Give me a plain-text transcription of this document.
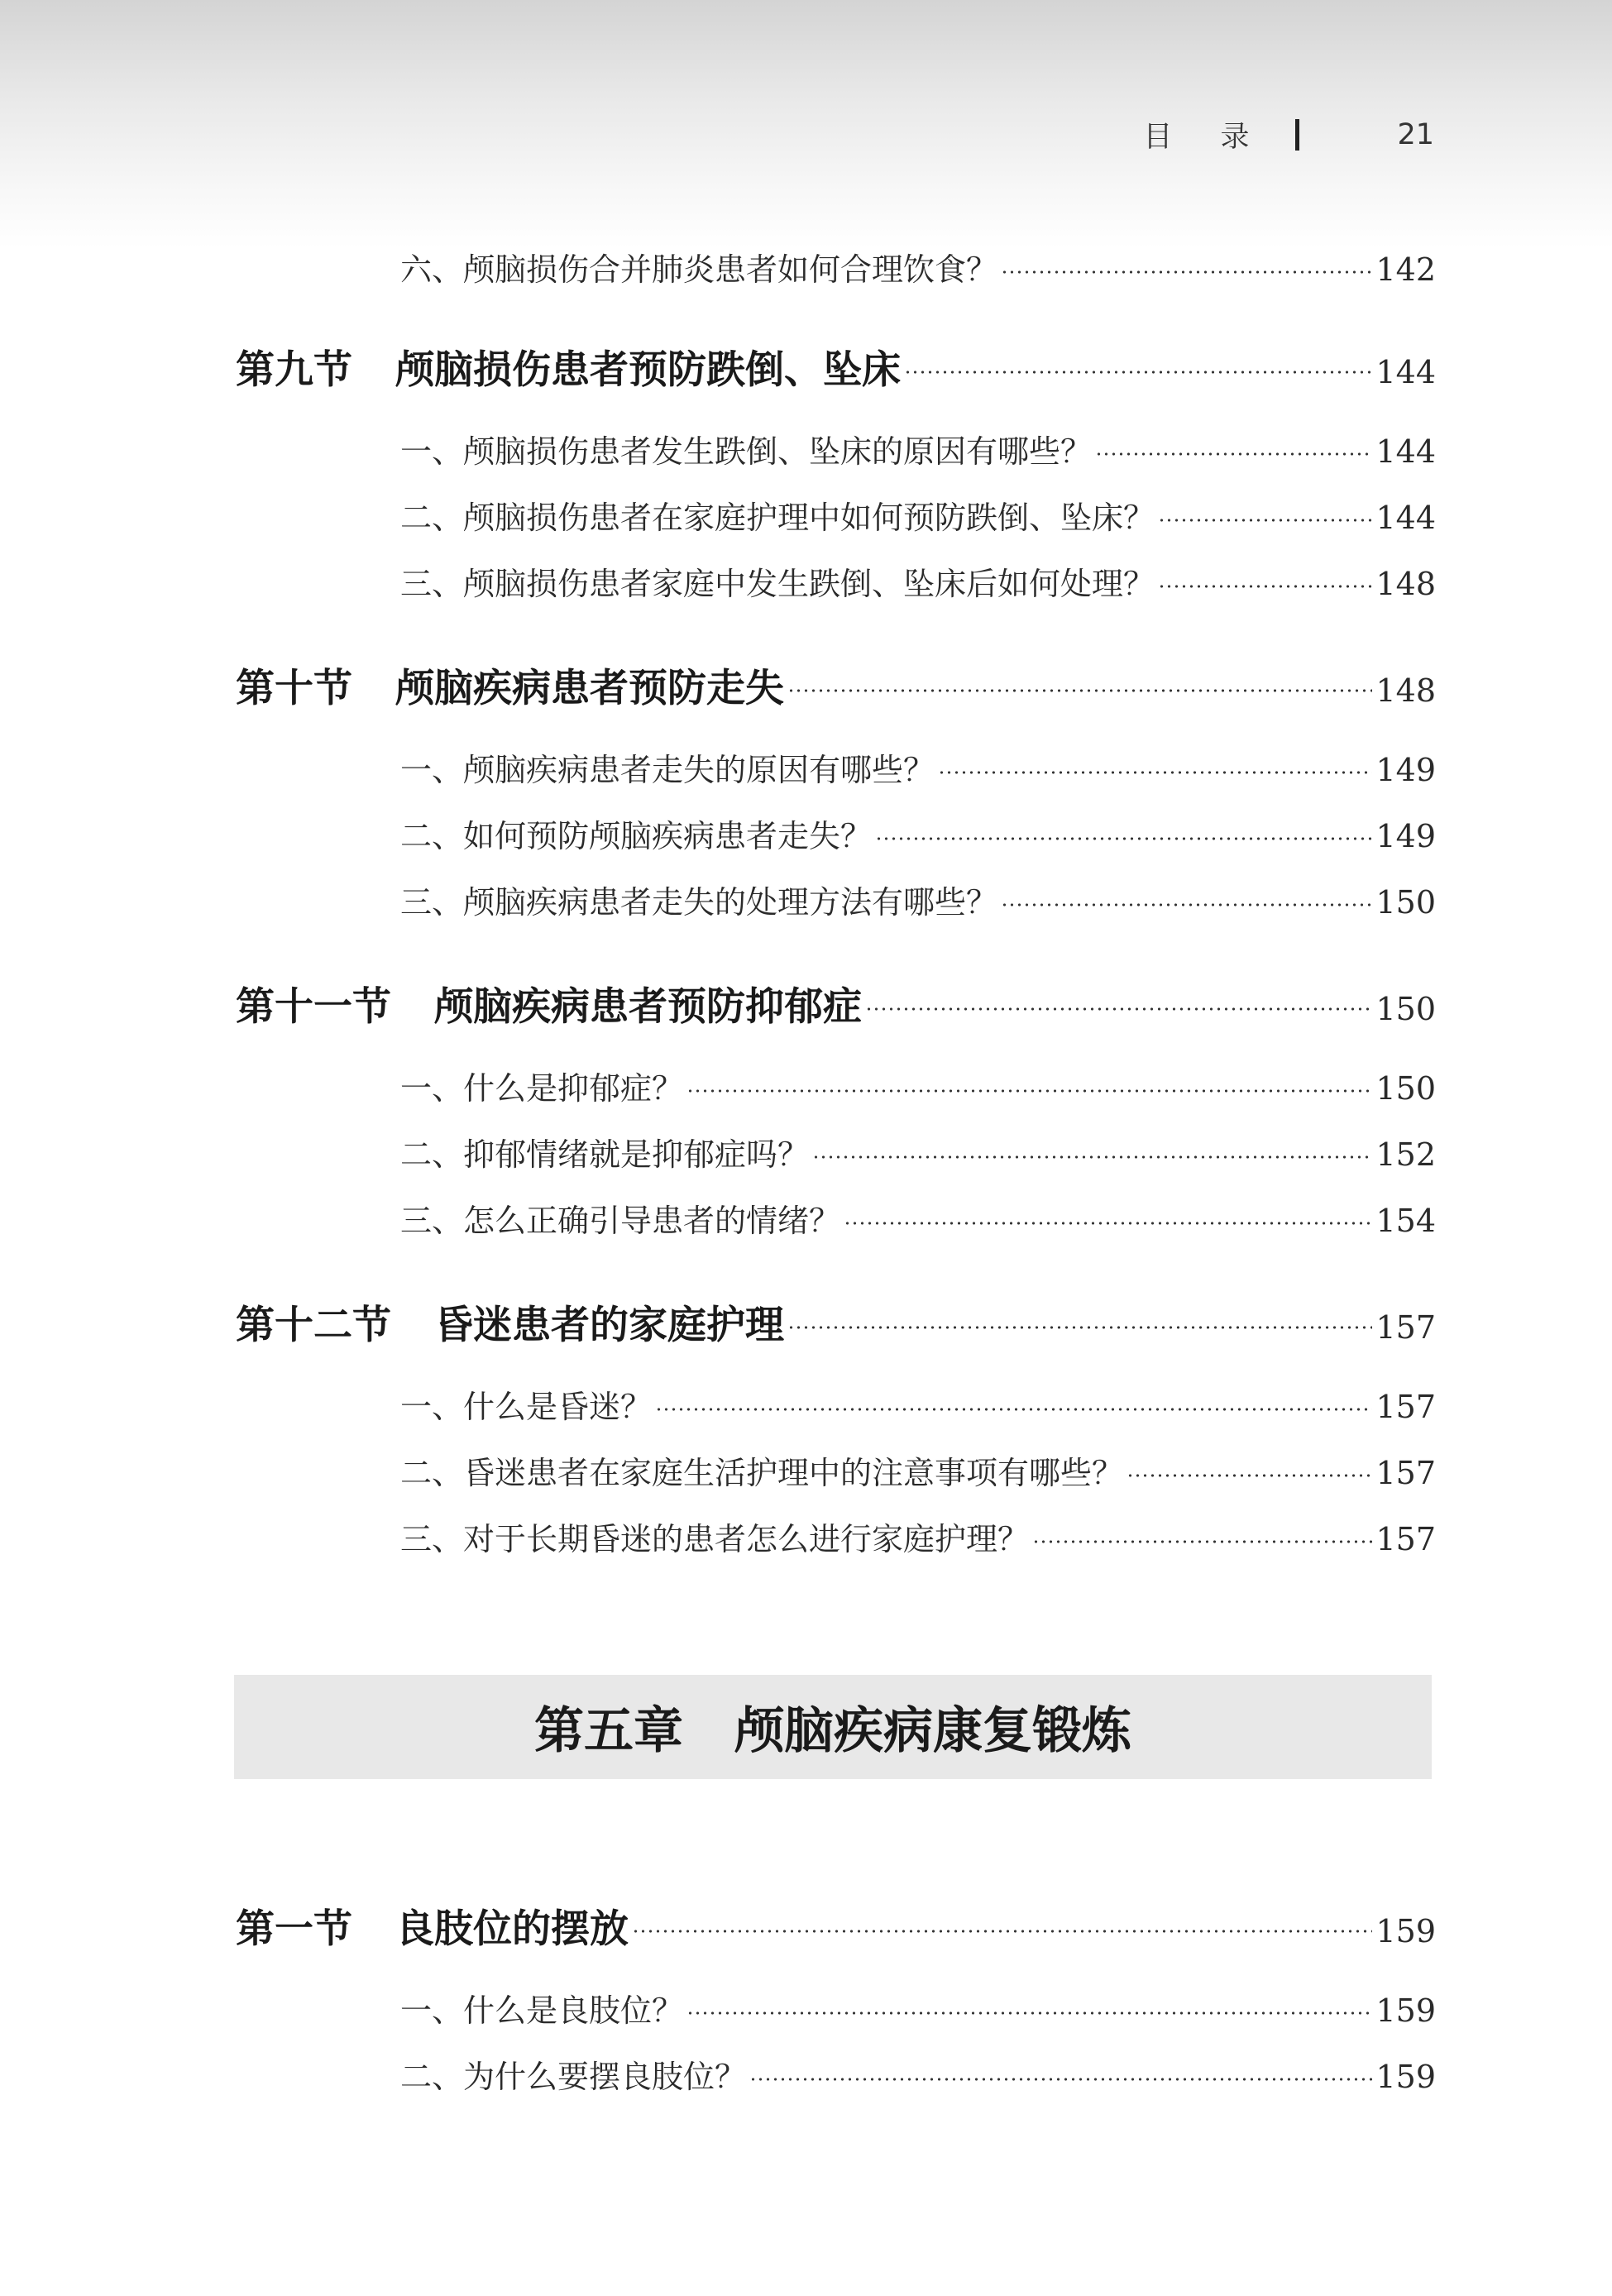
目 录	21
六、颅脑损伤合并肺炎患者如何合理饮食？	142
第九节 颅脑损伤患者预防跌倒、坠床	144
一、颅脑损伤患者发生跌倒、坠床的原因有哪些？	144
二、颅脑损伤患者在家庭护理中如何预防跌倒、坠床？	144
三、颅脑损伤患者家庭中发生跌倒、坠床后如何处理？	148
第十节 颅脑疾病患者预防走失	148
一、颅脑疾病患者走失的原因有哪些？	149
二、如何预防颅脑疾病患者走失？	149
三、颅脑疾病患者走失的处理方法有哪些？	150
第十一节 颅脑疾病患者预防抑郁症	150
一、什么是抑郁症？	150
二、抑郁情绪就是抑郁症吗？	152
三、怎么正确引导患者的情绪？	154
第十二节 昏迷患者的家庭护理	157
一、什么是昏迷？	157
二、昏迷患者在家庭生活护理中的注意事项有哪些？	157
三、对于长期昏迷的患者怎么进行家庭护理？	157
第一节 良肢位的摆放	159
一、什么是良肢位？	159
二、为什么要摆良肢位？	159
第五章 颅脑疾病康复锻炼
